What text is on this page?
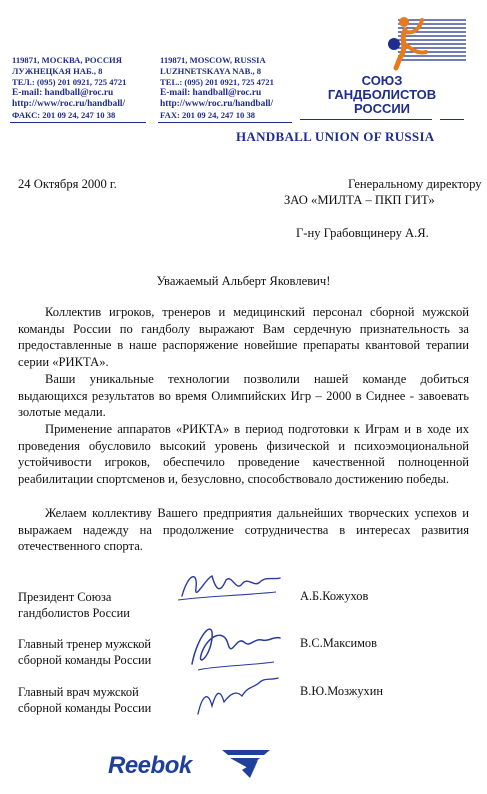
119871, МОСКВА, РОССИЯ
ЛУЖНЕЦКАЯ НАБ., 8
ТЕЛ.: (095) 201 0921, 725 4721
E-mail: handball@roc.ru
http://www/roc.ru/handball/
ФАКС: 201 09 24, 247 10 38
119871, MOSCOW, RUSSIA
LUZHNETSKAYA NAB., 8
TEL.: (095) 201 0921, 725 4721
E-mail: handball@roc.ru
http://www/roc.ru/handball/
FAX: 201 09 24, 247 10 38
СОЮЗ
ГАНДБОЛИСТОВ
РОССИИ
HANDBALL UNION OF RUSSIA
24 Октября 2000 г.	Генеральному директору
ЗАО «МИЛТА – ПКП ГИТ»
Г-ну Грабовщинеру А.Я.
Уважаемый Альберт Яковлевич!
Коллектив игроков, тренеров и медицинский персонал сборной мужской команды России по гандболу выражают Вам сердечную признательность за предоставленные в наше распоряжение новейшие препараты квантовой терапии серии «РИКТА».
Ваши уникальные технологии позволили нашей команде добиться выдающихся результатов во время Олимпийских Игр – 2000 в Сиднее - завоевать золотые медали.
Применение аппаратов «РИКТА» в период подготовки к Играм и в ходе их проведения обусловило высокий уровень физической и психоэмоциональной устойчивости игроков, обеспечило проведение качественной полноценной реабилитации спортсменов и, безусловно, способствовало достижению победы.
Желаем коллективу Вашего предприятия дальнейших творческих успехов и выражаем надежду на продолжение сотрудничества в интересах развития отечественного спорта.
Президент Союза
гандболистов России
А.Б.Кожухов
Главный тренер мужской
сборной команды России
В.С.Максимов
Главный врач мужской
сборной команды России
В.Ю.Мозжухин
Reebok
